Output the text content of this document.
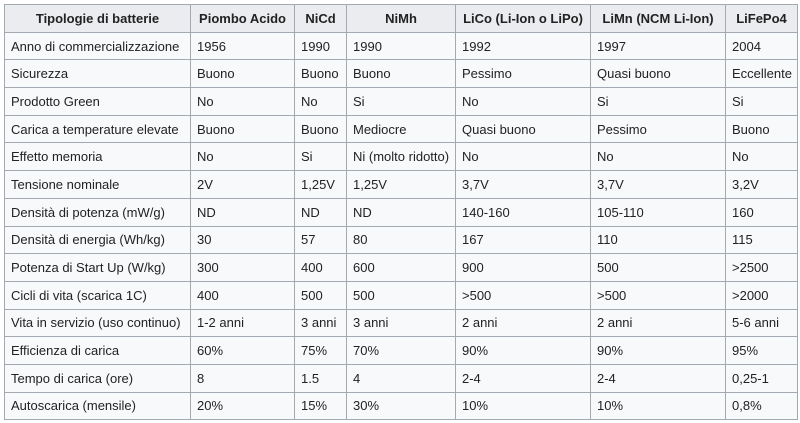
Tipologie di batterie	Piombo Acido	NiCd	NiMh	LiCo (Li-Ion o LiPo)	LiMn (NCM Li-Ion)	LiFePo4
Anno di commercializzazione	1956	1990	1990	1992	1997	2004
Sicurezza	Buono	Buono	Buono	Pessimo	Quasi buono	Eccellente
Prodotto Green	No	No	Si	No	Si	Si
Carica a temperature elevate	Buono	Buono	Mediocre	Quasi buono	Pessimo	Buono
Effetto memoria	No	Si	Ni (molto ridotto)	No	No	No
Tensione nominale	2V	1,25V	1,25V	3,7V	3,7V	3,2V
Densità di potenza (mW/g)	ND	ND	ND	140-160	105-110	160
Densità di energia (Wh/kg)	30	57	80	167	110	115
Potenza di Start Up (W/kg)	300	400	600	900	500	>2500
Cicli di vita (scarica 1C)	400	500	500	>500	>500	>2000
Vita in servizio (uso continuo)	1-2 anni	3 anni	3 anni	2 anni	2 anni	5-6 anni
Efficienza di carica	60%	75%	70%	90%	90%	95%
Tempo di carica (ore)	8	1.5	4	2-4	2-4	0,25-1
Autoscarica (mensile)	20%	15%	30%	10%	10%	0,8%
